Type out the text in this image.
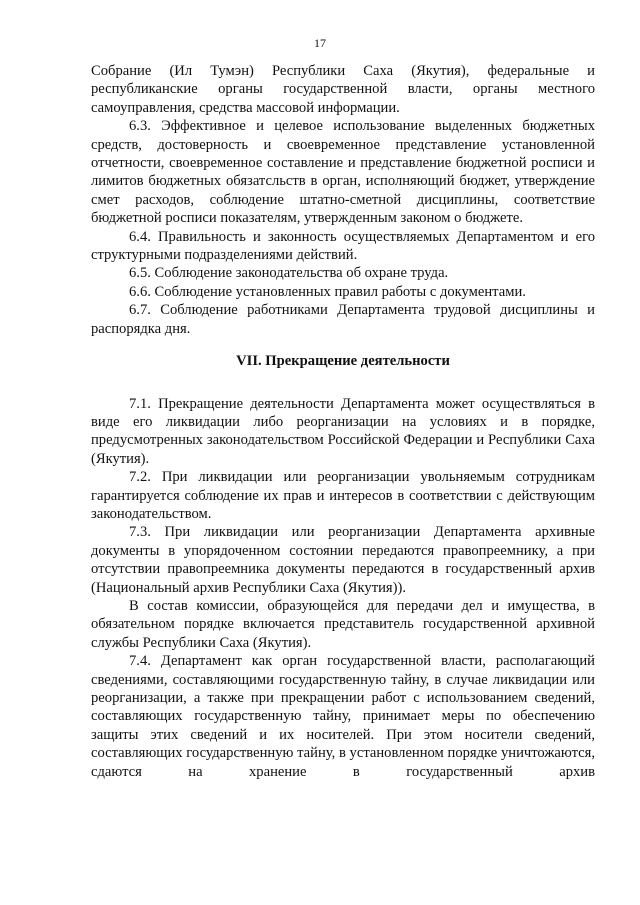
17

Собрание (Ил Тумэн) Республики Саха (Якутия), федеральные и республиканские органы государственной власти, органы местного самоуправления, средства массовой информации.

6.3. Эффективное и целевое использование выделенных бюджетных средств, достоверность и своевременное представление установленной отчетности, своевременное составление и представление бюджетной росписи и лимитов бюджетных обязатсльств в орган, исполняющий бюджет, утверждение смет расходов, соблюдение штатно-сметной дисциплины, соответствие бюджетной росписи показателям, утвержденным законом о бюджете.

6.4. Правильность и законность осуществляемых Департаментом и его структурными подразделениями действий.

6.5. Соблюдение законодательства об охране труда.

6.6. Соблюдение установленных правил работы с документами.

6.7. Соблюдение работниками Департамента трудовой дисциплины и распорядка дня.

VII. Прекращение деятельности

7.1. Прекращение деятельности Департамента может осуществляться в виде его ликвидации либо реорганизации на условиях и в порядке, предусмотренных законодательством Российской Федерации и Республики Саха (Якутия).

7.2. При ликвидации или реорганизации увольняемым сотрудникам гарантируется соблюдение их прав и интересов в соответствии с действующим законодательством.

7.3. При ликвидации или реорганизации Департамента архивные документы в упорядоченном состоянии передаются правопреемнику, а при отсутствии правопреемника документы передаются в государственный архив (Национальный архив Республики Саха (Якутия)).

В состав комиссии, образующейся для передачи дел и имущества, в обязательном порядке включается представитель государственной архивной службы Республики Саха (Якутия).

7.4. Департамент как орган государственной власти, располагающий сведениями, составляющими государственную тайну, в случае ликвидации или реорганизации, а также при прекращении работ с использованием сведений, составляющих государственную тайну, принимает меры по обеспечению защиты этих сведений и их носителей. При этом носители сведений, составляющих государственную тайну, в установленном порядке уничтожаются, сдаются на хранение в государственный архив
